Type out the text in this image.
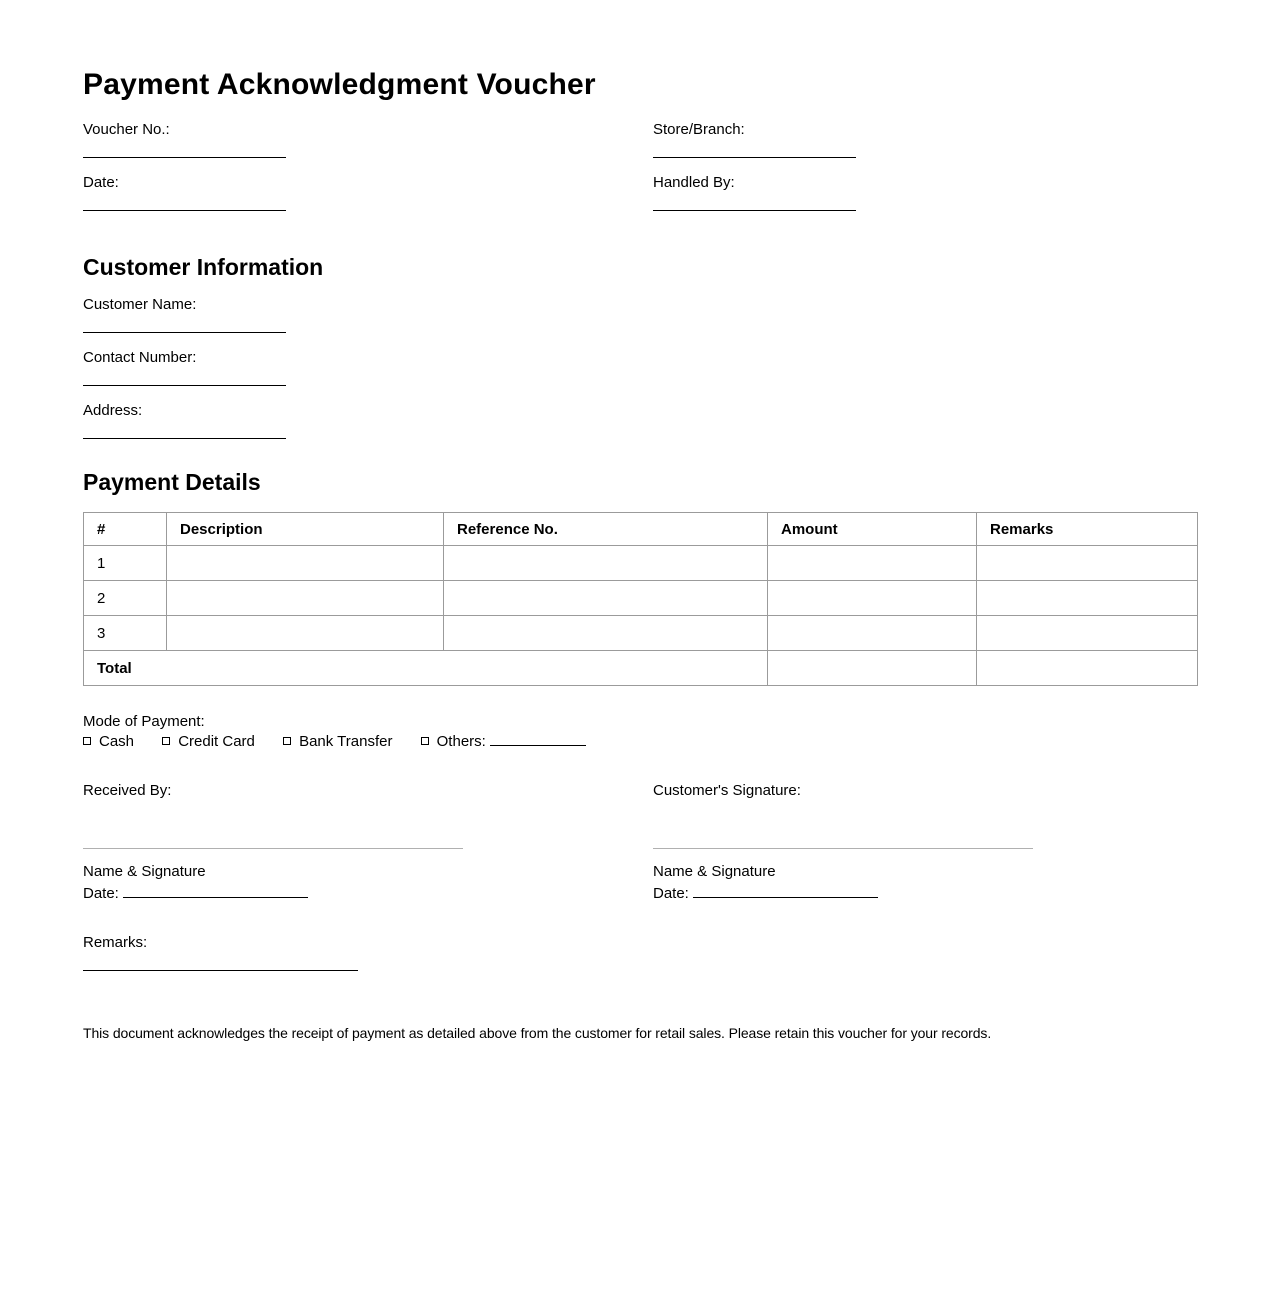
Payment Acknowledgment Voucher
Voucher No.:
Date:
Store/Branch:
Handled By:
Customer Information
Customer Name:
Contact Number:
Address:
Payment Details
#	Description	Reference No.	Amount	Remarks
1				
2				
3				
Total				
Mode of Payment:
Cash	Credit Card	Bank Transfer	Others:
Received By:
Name & Signature
Date:
Customer's Signature:
Name & Signature
Date:
Remarks:
This document acknowledges the receipt of payment as detailed above from the customer for retail sales. Please retain this voucher for your records.
